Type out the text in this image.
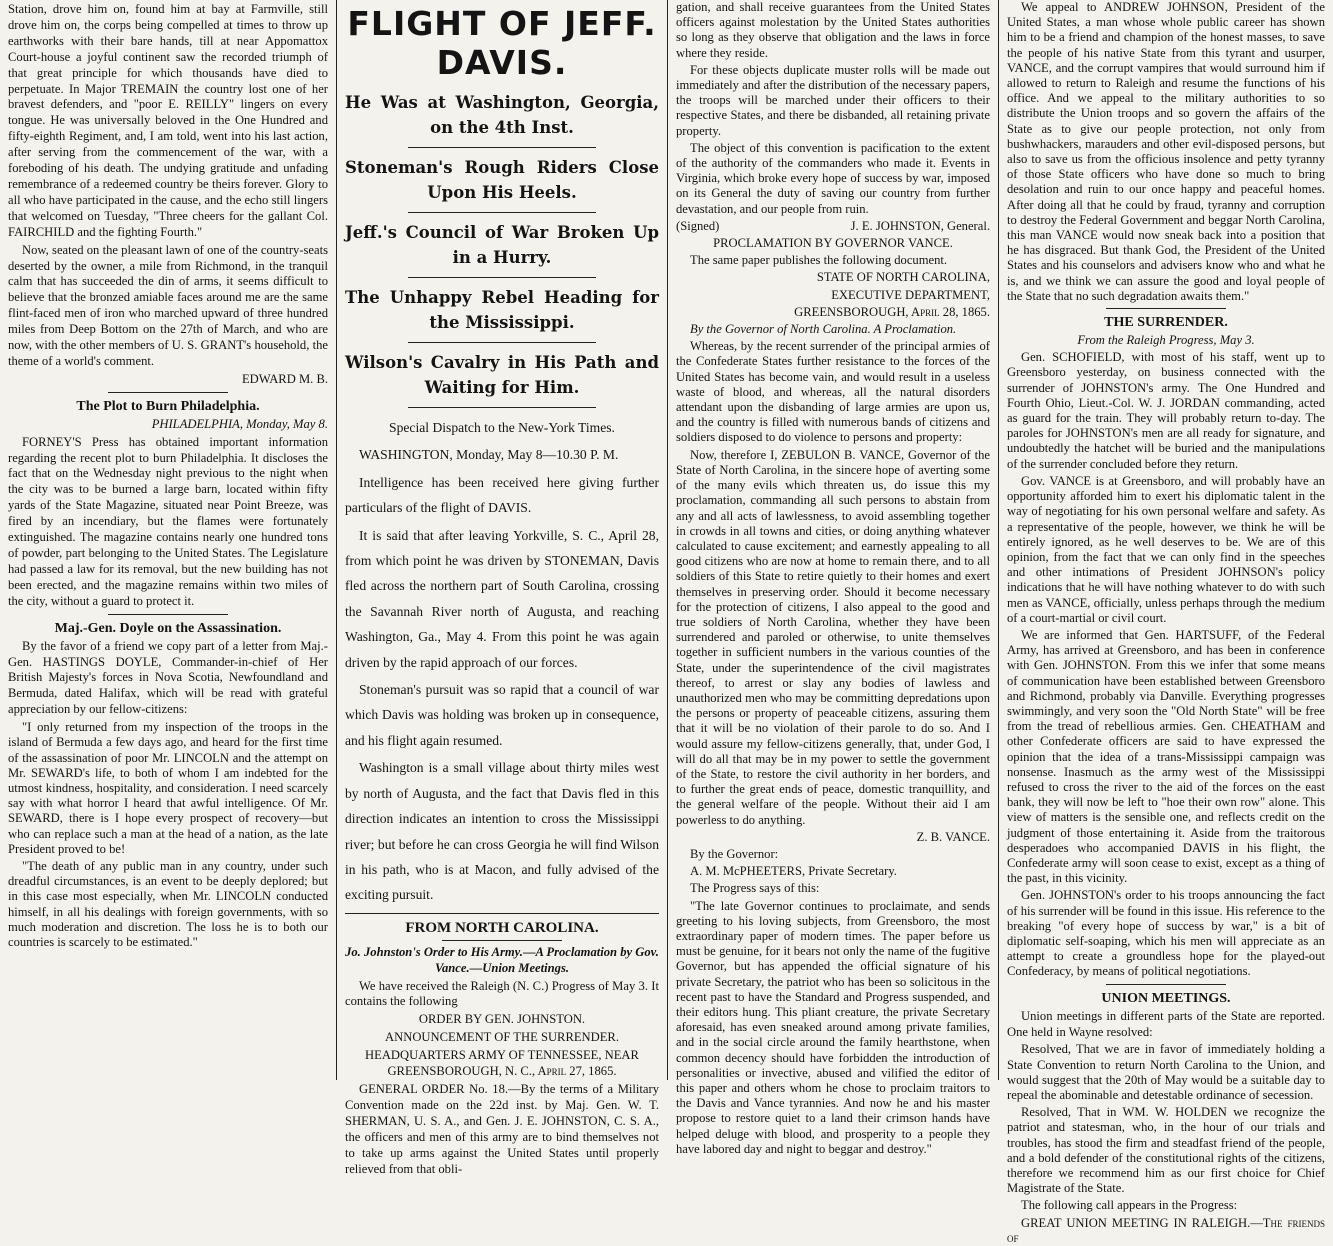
Station, drove him on, found him at bay at Farmville, still drove him on, the corps being compelled at times to throw up earthworks with their bare hands, till at near Appomattox Court-house a joyful continent saw the recorded triumph of that great principle for which thousands have died to perpetuate. In Major TREMAIN the country lost one of her bravest defenders, and "poor E. REILLY" lingers on every tongue. He was universally beloved in the One Hundred and fifty-eighth Regiment, and, I am told, went into his last action, after serving from the commencement of the war, with a foreboding of his death. The undying gratitude and unfading remembrance of a redeemed country be theirs forever. Glory to all who have participated in the cause, and the echo still lingers that welcomed on Tuesday, "Three cheers for the gallant Col. FAIRCHILD and the fighting Fourth."

Now, seated on the pleasant lawn of one of the country-seats deserted by the owner, a mile from Richmond, in the tranquil calm that has succeeded the din of arms, it seems difficult to believe that the bronzed amiable faces around me are the same flint-faced men of iron who marched upward of three hundred miles from Deep Bottom on the 27th of March, and who are now, with the other members of U. S. GRANT's household, the theme of a world's comment.

EDWARD M. B.

The Plot to Burn Philadelphia.

PHILADELPHIA, Monday, May 8.

FORNEY'S Press has obtained important information regarding the recent plot to burn Philadelphia. It discloses the fact that on the Wednesday night previous to the night when the city was to be burned a large barn, located within fifty yards of the State Magazine, situated near Point Breeze, was fired by an incendiary, but the flames were fortunately extinguished. The magazine contains nearly one hundred tons of powder, part belonging to the United States. The Legislature had passed a law for its removal, but the new building has not been erected, and the magazine remains within two miles of the city, without a guard to protect it.

Maj.-Gen. Doyle on the Assassination.

By the favor of a friend we copy part of a letter from Maj.-Gen. HASTINGS DOYLE, Commander-in-chief of Her British Majesty's forces in Nova Scotia, Newfoundland and Bermuda, dated Halifax, which will be read with grateful appreciation by our fellow-citizens:

"I only returned from my inspection of the troops in the island of Bermuda a few days ago, and heard for the first time of the assassination of poor Mr. LINCOLN and the attempt on Mr. SEWARD's life, to both of whom I am indebted for the utmost kindness, hospitality, and consideration. I need scarcely say with what horror I heard that awful intelligence. Of Mr. SEWARD, there is I hope every prospect of recovery—but who can replace such a man at the head of a nation, as the late President proved to be!

"The death of any public man in any country, under such dreadful circumstances, is an event to be deeply deplored; but in this case most especially, when Mr. LINCOLN conducted himself, in all his dealings with foreign governments, with so much moderation and discretion. The loss he is to both our countries is scarcely to be estimated."

FLIGHT OF JEFF. DAVIS.
He Was at Washington, Georgia, on the 4th Inst.
Stoneman's Rough Riders Close Upon His Heels.
Jeff.'s Council of War Broken Up in a Hurry.
The Unhappy Rebel Heading for the Mississippi.
Wilson's Cavalry in His Path and Waiting for Him.

Special Dispatch to the New-York Times.

WASHINGTON, Monday, May 8—10.30 P. M.

Intelligence has been received here giving further particulars of the flight of DAVIS.

It is said that after leaving Yorkville, S. C., April 28, from which point he was driven by STONEMAN, Davis fled across the northern part of South Carolina, crossing the Savannah River north of Augusta, and reaching Washington, Ga., May 4. From this point he was again driven by the rapid approach of our forces.

Stoneman's pursuit was so rapid that a council of war which Davis was holding was broken up in consequence, and his flight again resumed.

Washington is a small village about thirty miles west by north of Augusta, and the fact that Davis fled in this direction indicates an intention to cross the Mississippi river; but before he can cross Georgia he will find Wilson in his path, who is at Macon, and fully advised of the exciting pursuit.

FROM NORTH CAROLINA.

Jo. Johnston's Order to His Army.—A Proclamation by Gov. Vance.—Union Meetings.

We have received the Raleigh (N. C.) Progress of May 3. It contains the following

ORDER BY GEN. JOHNSTON.

ANNOUNCEMENT OF THE SURRENDER.

HEADQUARTERS ARMY OF TENNESSEE, NEAR GREENSBOROUGH, N. C., April 27, 1865.

GENERAL ORDER No. 18.—By the terms of a Military Convention made on the 22d inst. by Maj. Gen. W. T. SHERMAN, U. S. A., and Gen. J. E. JOHNSTON, C. S. A., the officers and men of this army are to bind themselves not to take up arms against the United States until properly relieved from that obli-

gation, and shall receive guarantees from the United States officers against molestation by the United States authorities so long as they observe that obligation and the laws in force where they reside.

For these objects duplicate muster rolls will be made out immediately and after the distribution of the necessary papers, the troops will be marched under their officers to their respective States, and there be disbanded, all retaining private property.

The object of this convention is pacification to the extent of the authority of the commanders who made it. Events in Virginia, which broke every hope of success by war, imposed on its General the duty of saving our country from further devastation, and our people from ruin.

(Signed)	J. E. JOHNSTON, General.

PROCLAMATION BY GOVERNOR VANCE.

The same paper publishes the following document.

STATE OF NORTH CAROLINA,

EXECUTIVE DEPARTMENT,

GREENSBOROUGH, April 28, 1865.

By the Governor of North Carolina. A Proclamation.

Whereas, by the recent surrender of the principal armies of the Confederate States further resistance to the forces of the United States has become vain, and would result in a useless waste of blood, and whereas, all the natural disorders attendant upon the disbanding of large armies are upon us, and the country is filled with numerous bands of citizens and soldiers disposed to do violence to persons and property:

Now, therefore I, ZEBULON B. VANCE, Governor of the State of North Carolina, in the sincere hope of averting some of the many evils which threaten us, do issue this my proclamation, commanding all such persons to abstain from any and all acts of lawlessness, to avoid assembling together in crowds in all towns and cities, or doing anything whatever calculated to cause excitement; and earnestly appealing to all good citizens who are now at home to remain there, and to all soldiers of this State to retire quietly to their homes and exert themselves in preserving order. Should it become necessary for the protection of citizens, I also appeal to the good and true soldiers of North Carolina, whether they have been surrendered and paroled or otherwise, to unite themselves together in sufficient numbers in the various counties of the State, under the superintendence of the civil magistrates thereof, to arrest or slay any bodies of lawless and unauthorized men who may be committing depredations upon the persons or property of peaceable citizens, assuring them that it will be no violation of their parole to do so. And I would assure my fellow-citizens generally, that, under God, I will do all that may be in my power to settle the government of the State, to restore the civil authority in her borders, and to further the great ends of peace, domestic tranquillity, and the general welfare of the people. Without their aid I am powerless to do anything.

Z. B. VANCE.

By the Governor:

A. M. McPHEETERS, Private Secretary.

The Progress says of this:

"The late Governor continues to proclaimate, and sends greeting to his loving subjects, from Greensboro, the most extraordinary paper of modern times. The paper before us must be genuine, for it bears not only the name of the fugitive Governor, but has appended the official signature of his private Secretary, the patriot who has been so solicitous in the recent past to have the Standard and Progress suspended, and their editors hung. This pliant creature, the private Secretary aforesaid, has even sneaked around among private families, and in the social circle around the family hearthstone, when common decency should have forbidden the introduction of personalities or invective, abused and vilified the editor of this paper and others whom he chose to proclaim traitors to the Davis and Vance tyrannies. And now he and his master propose to restore quiet to a land their crimson hands have helped deluge with blood, and prosperity to a people they have labored day and night to beggar and destroy."

We appeal to ANDREW JOHNSON, President of the United States, a man whose whole public career has shown him to be a friend and champion of the honest masses, to save the people of his native State from this tyrant and usurper, VANCE, and the corrupt vampires that would surround him if allowed to return to Raleigh and resume the functions of his office. And we appeal to the military authorities to so distribute the Union troops and so govern the affairs of the State as to give our people protection, not only from bushwhackers, marauders and other evil-disposed persons, but also to save us from the officious insolence and petty tyranny of those State officers who have done so much to bring desolation and ruin to our once happy and peaceful homes. After doing all that he could by fraud, tyranny and corruption to destroy the Federal Government and beggar North Carolina, this man VANCE would now sneak back into a position that he has disgraced. But thank God, the President of the United States and his counselors and advisers know who and what he is, and we think we can assure the good and loyal people of the State that no such degradation awaits them."

THE SURRENDER.

From the Raleigh Progress, May 3.

Gen. SCHOFIELD, with most of his staff, went up to Greensboro yesterday, on business connected with the surrender of JOHNSTON's army. The One Hundred and Fourth Ohio, Lieut.-Col. W. J. JORDAN commanding, acted as guard for the train. They will probably return to-day. The paroles for JOHNSTON's men are all ready for signature, and undoubtedly the hatchet will be buried and the manipulations of the surrender concluded before they return.

Gov. VANCE is at Greensboro, and will probably have an opportunity afforded him to exert his diplomatic talent in the way of negotiating for his own personal welfare and safety. As a representative of the people, however, we think he will be entirely ignored, as he well deserves to be. We are of this opinion, from the fact that we can only find in the speeches and other intimations of President JOHNSON's policy indications that he will have nothing whatever to do with such men as VANCE, officially, unless perhaps through the medium of a court-martial or civil court.

We are informed that Gen. HARTSUFF, of the Federal Army, has arrived at Greensboro, and has been in conference with Gen. JOHNSTON. From this we infer that some means of communication have been established between Greensboro and Richmond, probably via Danville. Everything progresses swimmingly, and very soon the "Old North State" will be free from the tread of rebellious armies. Gen. CHEATHAM and other Confederate officers are said to have expressed the opinion that the idea of a trans-Mississippi campaign was nonsense. Inasmuch as the army west of the Mississippi refused to cross the river to the aid of the forces on the east bank, they will now be left to "hoe their own row" alone. This view of matters is the sensible one, and reflects credit on the judgment of those entertaining it. Aside from the traitorous desperadoes who accompanied DAVIS in his flight, the Confederate army will soon cease to exist, except as a thing of the past, in this vicinity.

Gen. JOHNSTON's order to his troops announcing the fact of his surrender will be found in this issue. His reference to the breaking "of every hope of success by war," is a bit of diplomatic self-soaping, which his men will appreciate as an attempt to create a groundless hope for the played-out Confederacy, by means of political negotiations.

UNION MEETINGS.

Union meetings in different parts of the State are reported. One held in Wayne resolved:

Resolved, That we are in favor of immediately holding a State Convention to return North Carolina to the Union, and would suggest that the 20th of May would be a suitable day to repeal the abominable and detestable ordinance of secession.

Resolved, That in WM. W. HOLDEN we recognize the patriot and statesman, who, in the hour of our trials and troubles, has stood the firm and steadfast friend of the people, and a bold defender of the constitutional rights of the citizens, therefore we recommend him as our first choice for Chief Magistrate of the State.

The following call appears in the Progress:

GREAT UNION MEETING IN RALEIGH.—The friends of
